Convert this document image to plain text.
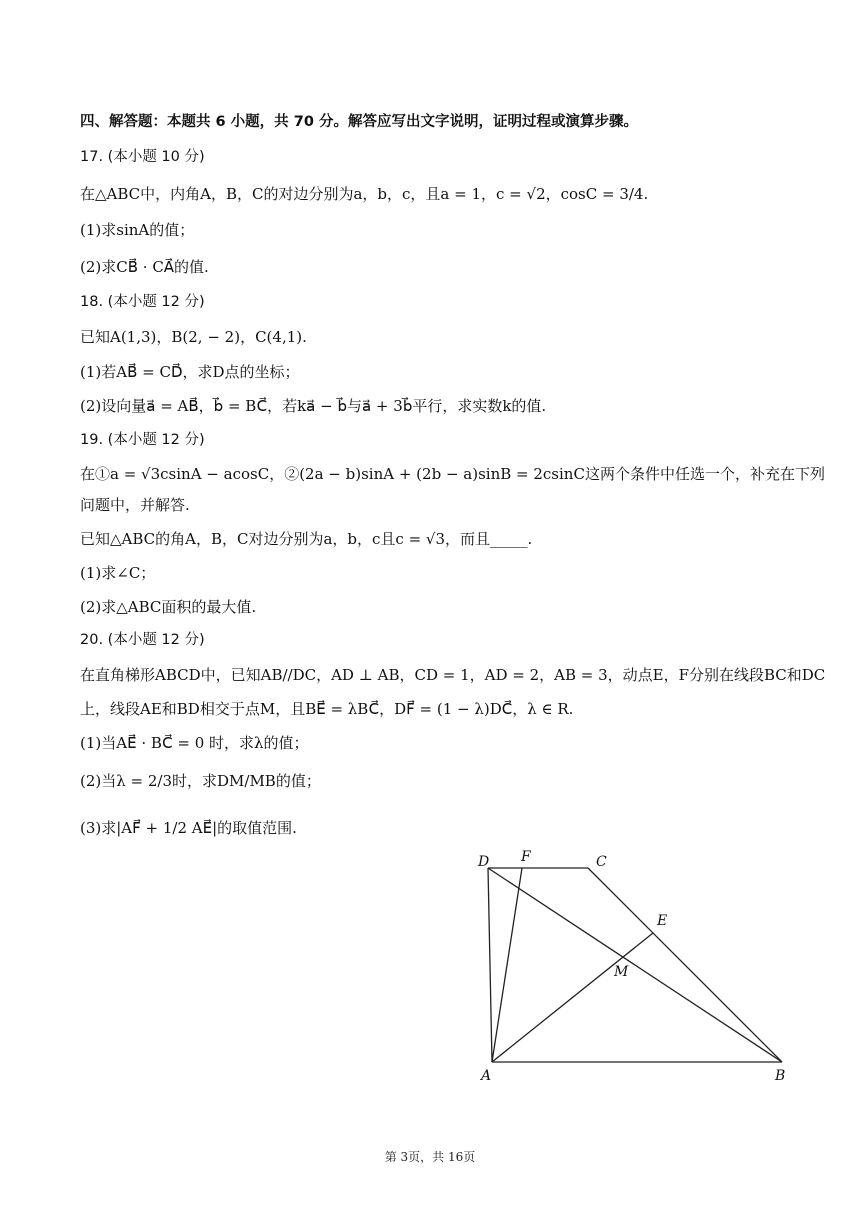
四、解答题：本题共 6 小题，共 70 分。解答应写出文字说明，证明过程或演算步骤。
17. (本小题 10 分)
在△ABC中，内角A，B，C的对边分别为a，b，c，且a = 1，c = √2，cosC = 3/4.
(1)求sinA的值；
(2)求CB⃗ · CA⃗的值.
18. (本小题 12 分)
已知A(1,3)，B(2, − 2)，C(4,1).
(1)若AB⃗ = CD⃗，求D点的坐标；
(2)设向量a⃗ = AB⃗，b⃗ = BC⃗，若ka⃗ − b⃗与a⃗ + 3b⃗平行，求实数k的值.
19. (本小题 12 分)
在①a = √3csinA − acosC，②(2a − b)sinA + (2b − a)sinB = 2csinC这两个条件中任选一个，补充在下列
问题中，并解答.
已知△ABC的角A，B，C对边分别为a，b，c且c = √3，而且_____.
(1)求∠C；
(2)求△ABC面积的最大值.
20. (本小题 12 分)
在直角梯形ABCD中，已知AB//DC，AD ⊥ AB，CD = 1，AD = 2，AB = 3，动点E，F分别在线段BC和DC
上，线段AE和BD相交于点M，且BE⃗ = λBC⃗，DF⃗ = (1 − λ)DC⃗，λ ∈ R.
(1)当AE⃗ · BC⃗ = 0 时，求λ的值；
(2)当λ = 2/3时，求DM/MB的值；
(3)求|AF⃗ + 1/2 AE⃗|的取值范围.
D F	C
E
M
A	B
第 3页，共 16页
